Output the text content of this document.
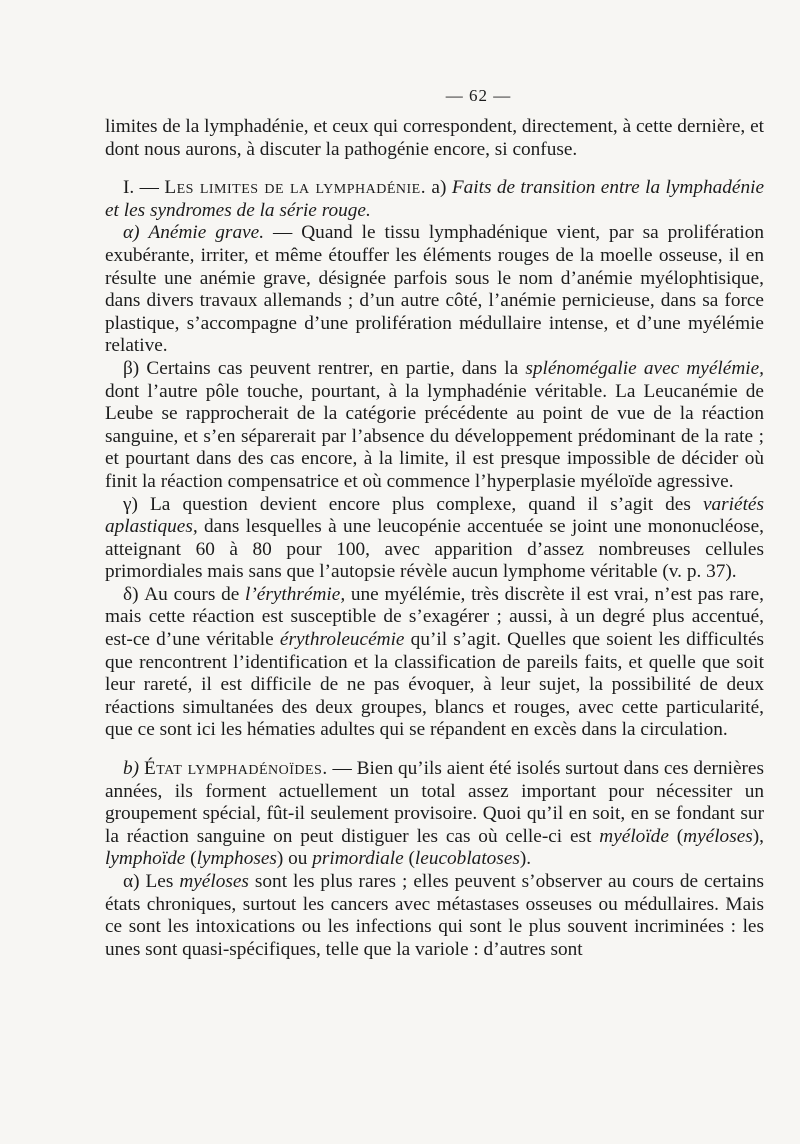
— 62 —

limites de la lymphadénie, et ceux qui correspondent, directement, à cette dernière, et dont nous aurons, à discuter la pathogénie encore, si confuse.

I. — Les limites de la lymphadénie. a) Faits de transition entre la lymphadénie et les syndromes de la série rouge.

α) Anémie grave. — Quand le tissu lymphadénique vient, par sa prolifération exubérante, irriter, et même étouffer les éléments rouges de la moelle osseuse, il en résulte une anémie grave, désignée parfois sous le nom d’anémie myélophtisique, dans divers travaux allemands ; d’un autre côté, l’anémie pernicieuse, dans sa force plastique, s’accompagne d’une prolifération médullaire intense, et d’une myélémie relative.

β) Certains cas peuvent rentrer, en partie, dans la splénomégalie avec myélémie, dont l’autre pôle touche, pourtant, à la lymphadénie véritable. La Leucanémie de Leube se rapprocherait de la catégorie précédente au point de vue de la réaction sanguine, et s’en séparerait par l’absence du développement prédominant de la rate ; et pourtant dans des cas encore, à la limite, il est presque impossible de décider où finit la réaction compensatrice et où commence l’hyperplasie myéloïde agressive.

γ) La question devient encore plus complexe, quand il s’agit des variétés aplastiques, dans lesquelles à une leucopénie accentuée se joint une mononucléose, atteignant 60 à 80 pour 100, avec apparition d’assez nombreuses cellules primordiales mais sans que l’autopsie révèle aucun lymphome véritable (v. p. 37).

δ) Au cours de l’érythrémie, une myélémie, très discrète il est vrai, n’est pas rare, mais cette réaction est susceptible de s’exagérer ; aussi, à un degré plus accentué, est-ce d’une véritable érythroleucémie qu’il s’agit. Quelles que soient les difficultés que rencontrent l’identification et la classification de pareils faits, et quelle que soit leur rareté, il est difficile de ne pas évoquer, à leur sujet, la possibilité de deux réactions simultanées des deux groupes, blancs et rouges, avec cette particularité, que ce sont ici les hématies adultes qui se répandent en excès dans la circulation.

b) État lymphadénoïdes. — Bien qu’ils aient été isolés surtout dans ces dernières années, ils forment actuellement un total assez important pour nécessiter un groupement spécial, fût-il seulement provisoire. Quoi qu’il en soit, en se fondant sur la réaction sanguine on peut distiguer les cas où celle-ci est myéloïde (myéloses), lymphoïde (lymphoses) ou primordiale (leucoblatoses).

α) Les myéloses sont les plus rares ; elles peuvent s’observer au cours de certains états chroniques, surtout les cancers avec métastases osseuses ou médullaires. Mais ce sont les intoxications ou les infections qui sont le plus souvent incriminées : les unes sont quasi-spécifiques, telle que la variole : d’autres sont
